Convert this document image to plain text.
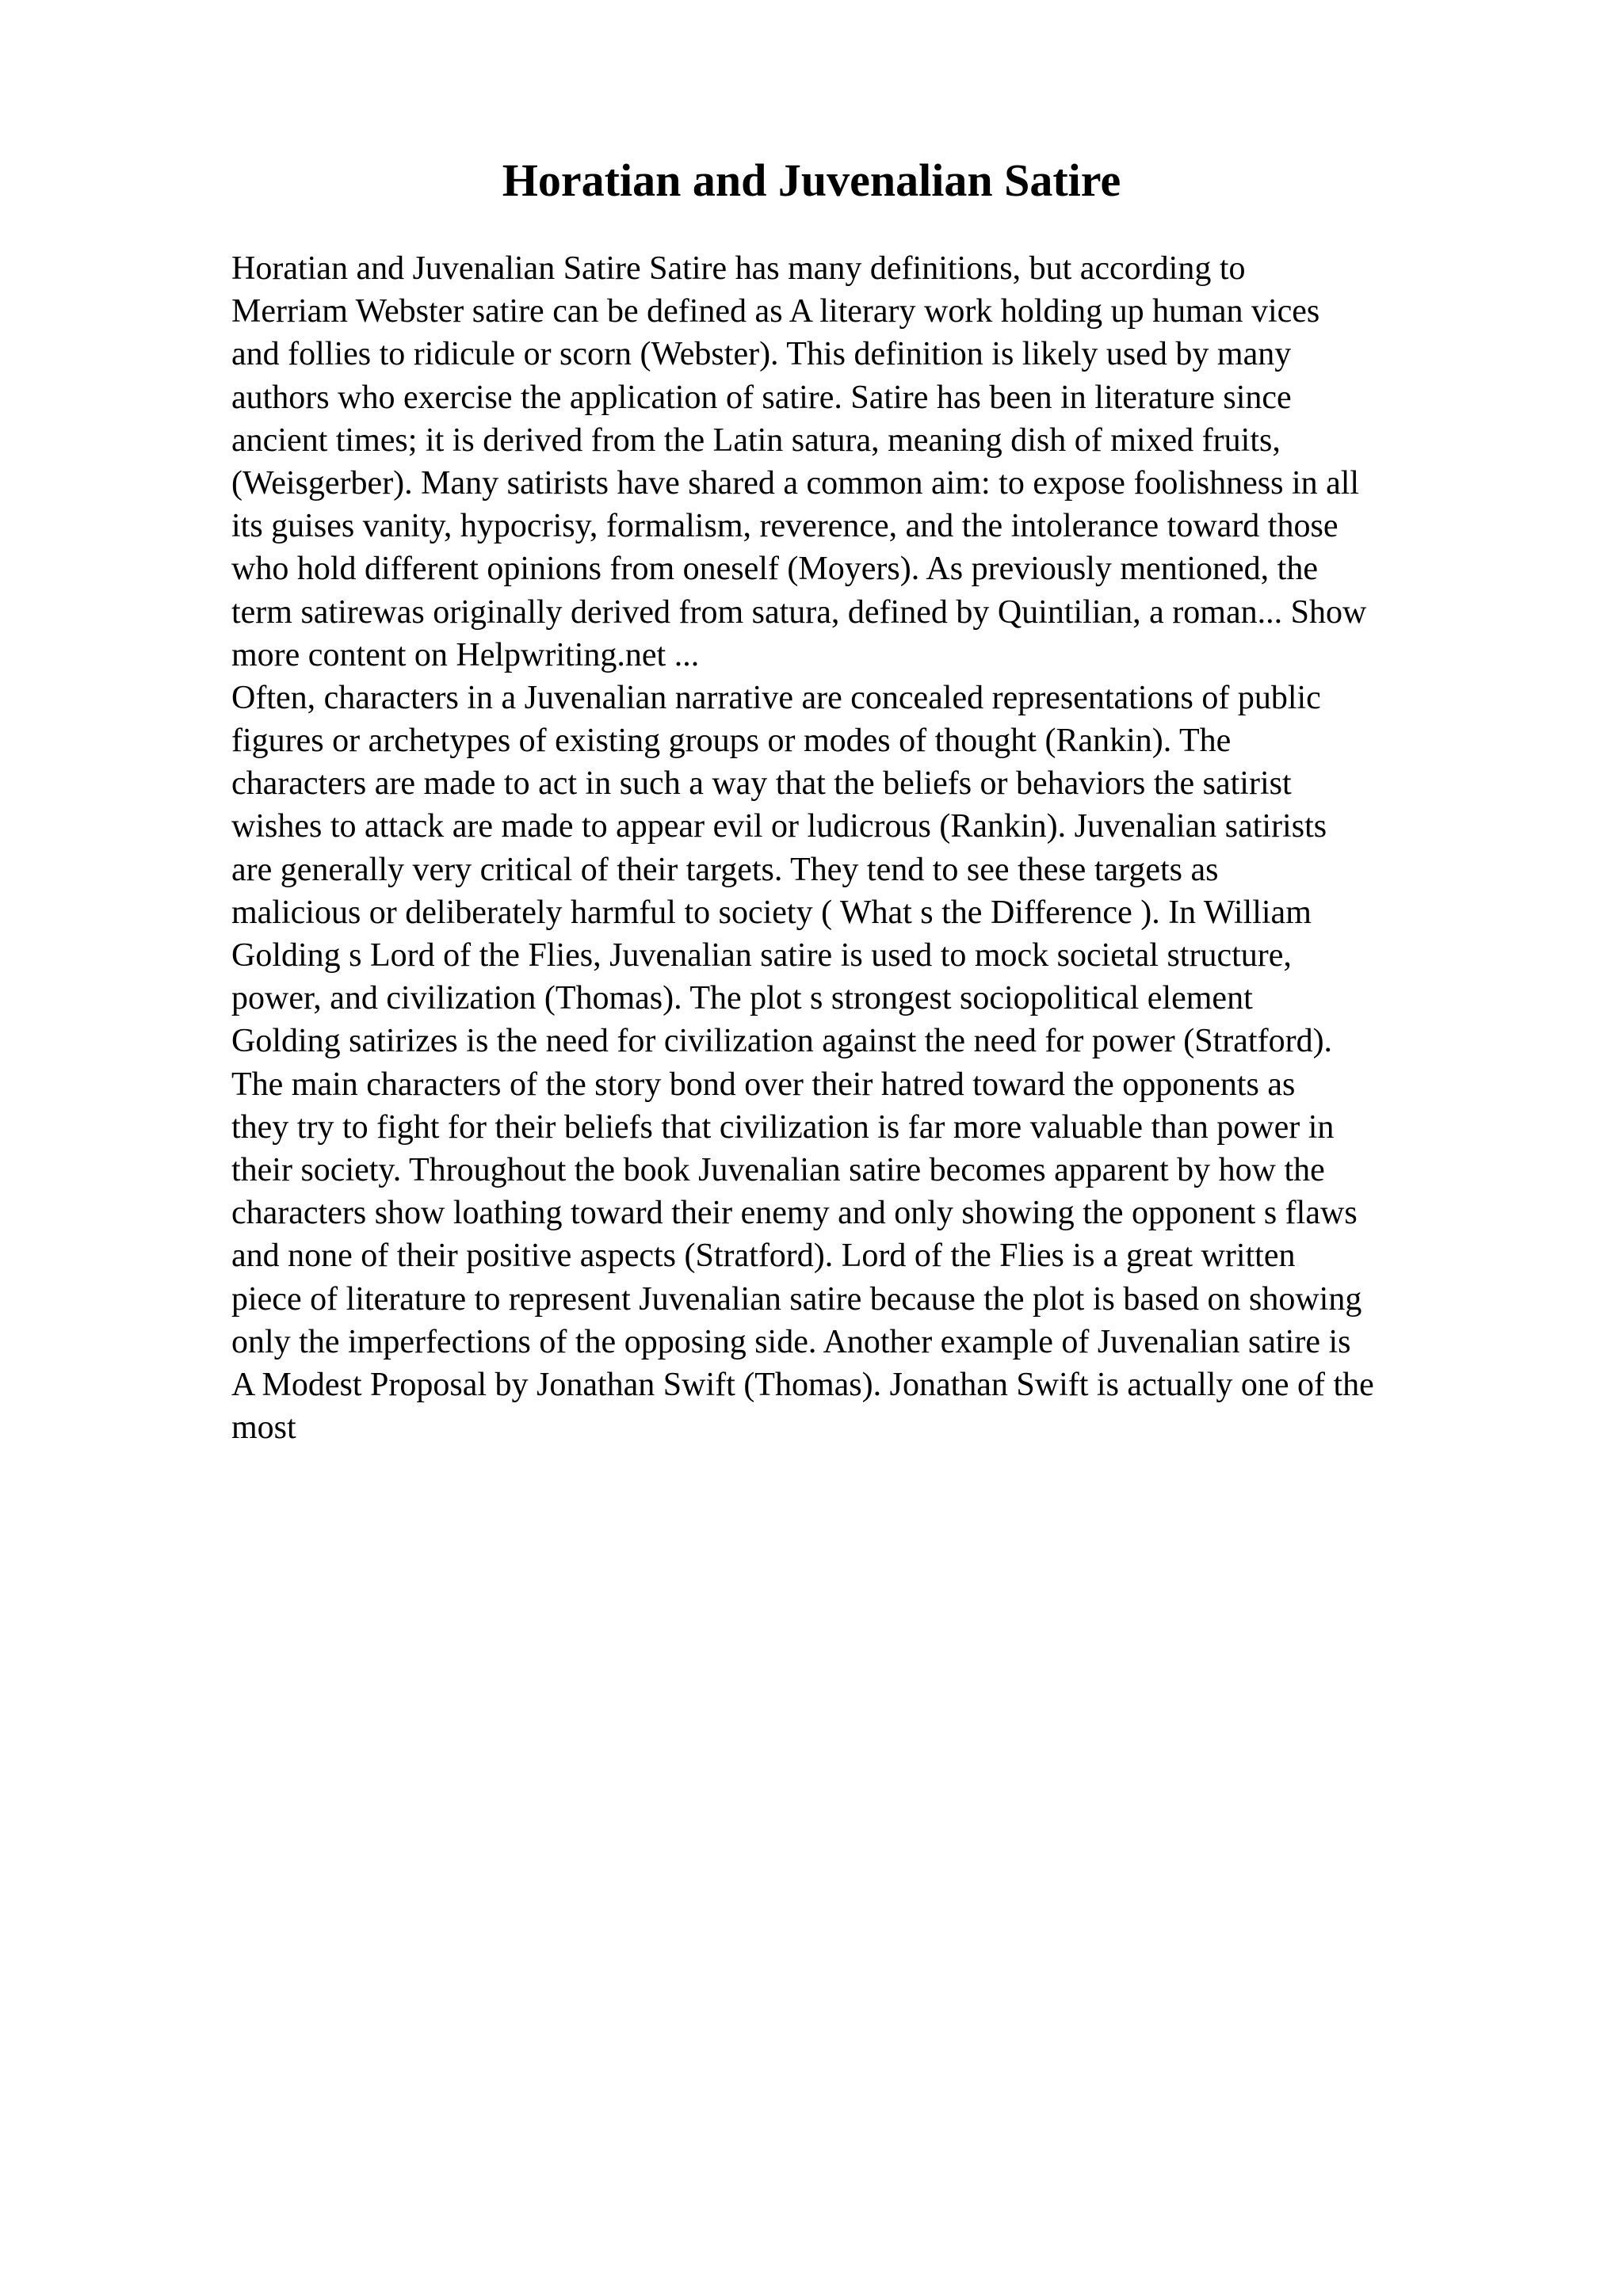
Horatian and Juvenalian Satire
Horatian and Juvenalian Satire Satire has many definitions, but according to
Merriam Webster satire can be defined as A literary work holding up human vices
and follies to ridicule or scorn (Webster). This definition is likely used by many
authors who exercise the application of satire. Satire has been in literature since
ancient times; it is derived from the Latin satura, meaning dish of mixed fruits,
(Weisgerber). Many satirists have shared a common aim: to expose foolishness in all
its guises vanity, hypocrisy, formalism, reverence, and the intolerance toward those
who hold different opinions from oneself (Moyers). As previously mentioned, the
term satirewas originally derived from satura, defined by Quintilian, a roman... Show
more content on Helpwriting.net ...
Often, characters in a Juvenalian narrative are concealed representations of public
figures or archetypes of existing groups or modes of thought (Rankin). The
characters are made to act in such a way that the beliefs or behaviors the satirist
wishes to attack are made to appear evil or ludicrous (Rankin). Juvenalian satirists
are generally very critical of their targets. They tend to see these targets as
malicious or deliberately harmful to society ( What s the Difference ). In William
Golding s Lord of the Flies, Juvenalian satire is used to mock societal structure,
power, and civilization (Thomas). The plot s strongest sociopolitical element
Golding satirizes is the need for civilization against the need for power (Stratford).
The main characters of the story bond over their hatred toward the opponents as
they try to fight for their beliefs that civilization is far more valuable than power in
their society. Throughout the book Juvenalian satire becomes apparent by how the
characters show loathing toward their enemy and only showing the opponent s flaws
and none of their positive aspects (Stratford). Lord of the Flies is a great written
piece of literature to represent Juvenalian satire because the plot is based on showing
only the imperfections of the opposing side. Another example of Juvenalian satire is
A Modest Proposal by Jonathan Swift (Thomas). Jonathan Swift is actually one of the
most
